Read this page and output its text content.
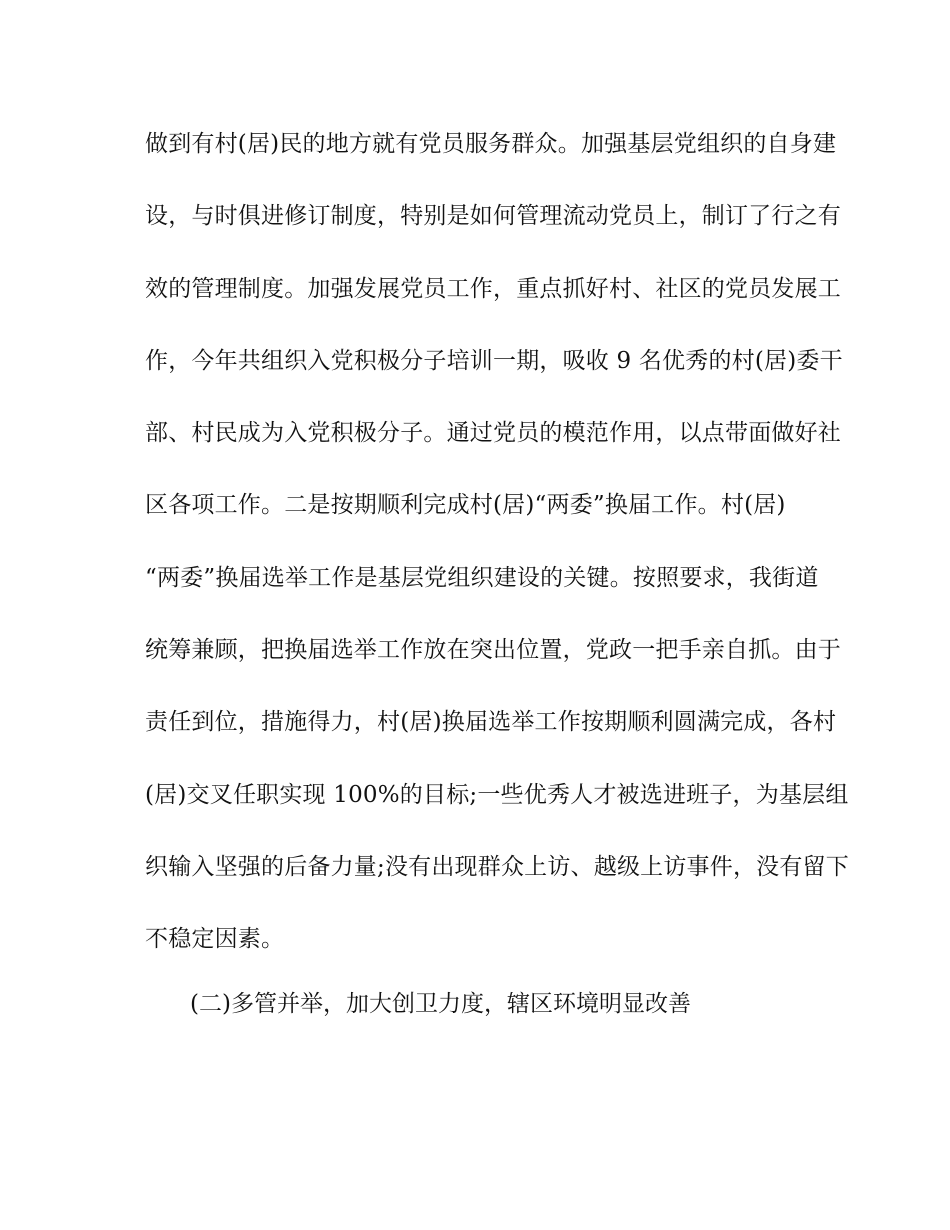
做到有村(居)民的地方就有党员服务群众。加强基层党组织的自身建
设，与时俱进修订制度，特别是如何管理流动党员上，制订了行之有
效的管理制度。加强发展党员工作，重点抓好村、社区的党员发展工
作，今年共组织入党积极分子培训一期，吸收 9 名优秀的村(居)委干
部、村民成为入党积极分子。通过党员的模范作用，以点带面做好社
区各项工作。二是按期顺利完成村(居)“两委”换届工作。村(居)
“两委”换届选举工作是基层党组织建设的关键。按照要求，我街道
统筹兼顾，把换届选举工作放在突出位置，党政一把手亲自抓。由于
责任到位，措施得力，村(居)换届选举工作按期顺利圆满完成，各村
(居)交叉任职实现 100%的目标;一些优秀人才被选进班子，为基层组
织输入坚强的后备力量;没有出现群众上访、越级上访事件，没有留下
不稳定因素。
(二)多管并举，加大创卫力度，辖区环境明显改善
